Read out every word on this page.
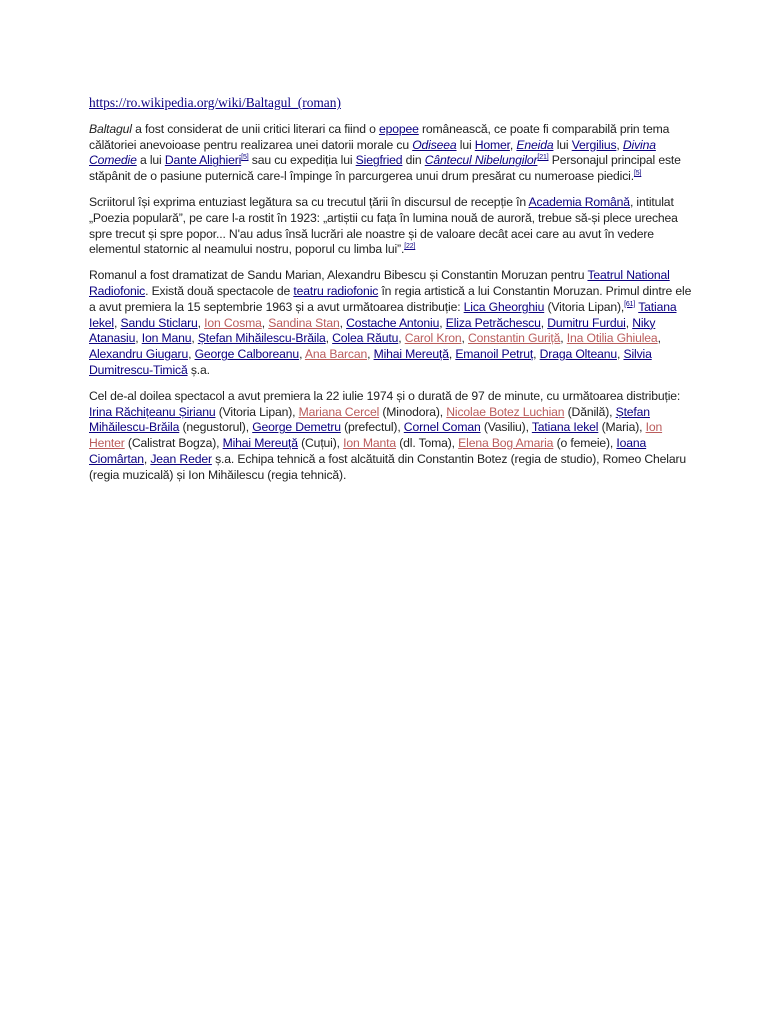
https://ro.wikipedia.org/wiki/Baltagul_(roman)

Baltagul a fost considerat de unii critici literari ca fiind o epopee românească, ce poate fi comparabilă prin tema călătoriei anevoioase pentru realizarea unei datorii morale cu Odiseea lui Homer, Eneida lui Vergilius, Divina Comedie a lui Dante Alighieri[5] sau cu expediția lui Siegfried din Cântecul Nibelungilor[21] Personajul principal este stăpânit de o pasiune puternică care-l împinge în parcurgerea unui drum presărat cu numeroase piedici.[5]

Scriitorul își exprima entuziast legătura sa cu trecutul țării în discursul de recepție în Academia Română, intitulat „Poezia populară”, pe care l-a rostit în 1923: „artiștii cu fața în lumina nouă de auroră, trebue să-și plece urechea spre trecut și spre popor... N'au adus însă lucrări ale noastre și de valoare decât acei care au avut în vedere elementul statornic al neamului nostru, poporul cu limba lui”.[22]

Romanul a fost dramatizat de Sandu Marian, Alexandru Bibescu și Constantin Moruzan pentru Teatrul National Radiofonic. Există două spectacole de teatru radiofonic în regia artistică a lui Constantin Moruzan. Primul dintre ele a avut premiera la 15 septembrie 1963 și a avut următoarea distribuție: Lica Gheorghiu (Vitoria Lipan),[61] Tatiana Iekel, Sandu Sticlaru, Ion Cosma, Sandina Stan, Costache Antoniu, Eliza Petrăchescu, Dumitru Furdui, Niky Atanasiu, Ion Manu, Ștefan Mihăilescu-Brăila, Colea Răutu, Carol Kron, Constantin Guriță, Ina Otilia Ghiulea, Alexandru Giugaru, George Calboreanu, Ana Barcan, Mihai Mereuță, Emanoil Petruț, Draga Olteanu, Silvia Dumitrescu-Timică ș.a.

Cel de-al doilea spectacol a avut premiera la 22 iulie 1974 și o durată de 97 de minute, cu următoarea distribuție: Irina Răchițeanu Șirianu (Vitoria Lipan), Mariana Cercel (Minodora), Nicolae Botez Luchian (Dănilă), Ștefan Mihăilescu-Brăila (negustorul), George Demetru (prefectul), Cornel Coman (Vasiliu), Tatiana Iekel (Maria), Ion Henter (Calistrat Bogza), Mihai Mereuță (Cuțui), Ion Manta (dl. Toma), Elena Bog Amaria (o femeie), Ioana Ciomârtan, Jean Reder ș.a. Echipa tehnică a fost alcătuită din Constantin Botez (regia de studio), Romeo Chelaru (regia muzicală) și Ion Mihăilescu (regia tehnică).
